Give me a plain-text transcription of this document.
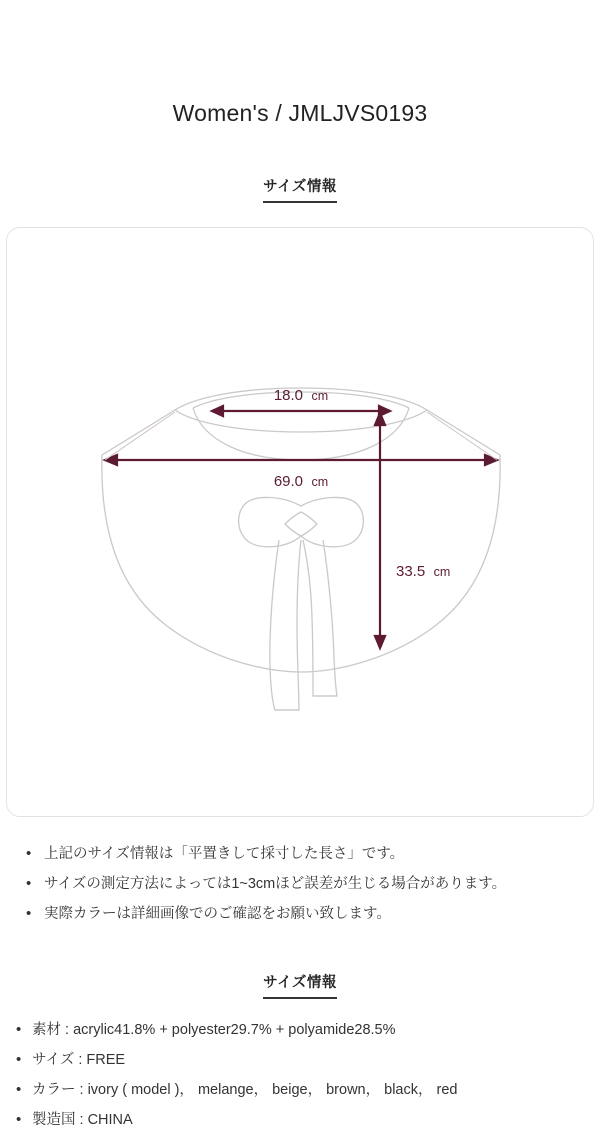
Women's / JMLJVS0193
サイズ情報
18.0 cm
69.0 cm
33.5 cm
• 上記のサイズ情報は「平置きして採寸した長さ」です。
• サイズの測定方法によっては1~3cmほど誤差が生じる場合があります。
• 実際カラーは詳細画像でのご確認をお願い致します。
サイズ情報
• 素材 : acrylic41.8% + polyester29.7% + polyamide28.5%
• サイズ : FREE
• カラー : ivory ( model )， melange， beige， brown， black， red
• 製造国 : CHINA
